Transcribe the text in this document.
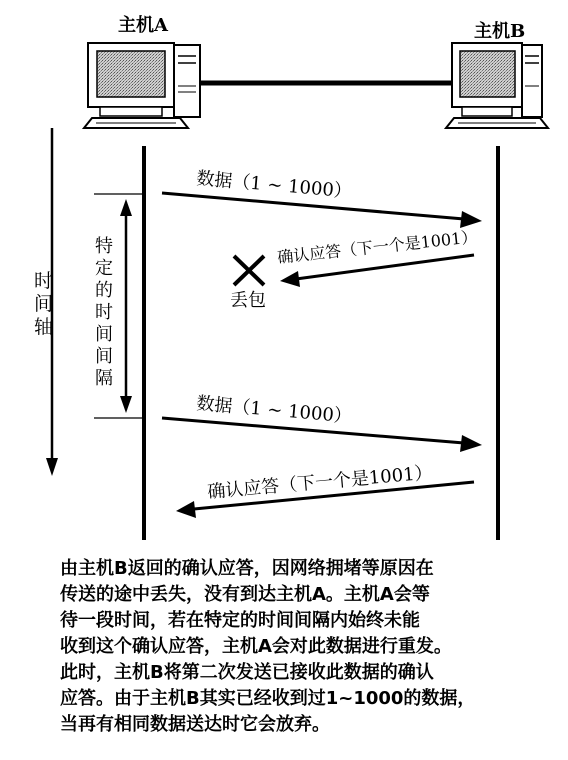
主机A	主机B
时
间
轴
特
定
的
时
间
间
隔
数据（1 ~ 1000）
确认应答（下一个是1001）
丢包
数据（1 ~ 1000）
确认应答（下一个是1001）
由主机B返回的确认应答，因网络拥堵等原因在
传送的途中丢失，没有到达主机A。主机A会等
待一段时间，若在特定的时间间隔内始终未能
收到这个确认应答，主机A会对此数据进行重发。
此时，主机B将第二次发送已接收此数据的确认
应答。由于主机B其实已经收到过1~1000的数据，
当再有相同数据送达时它会放弃。
